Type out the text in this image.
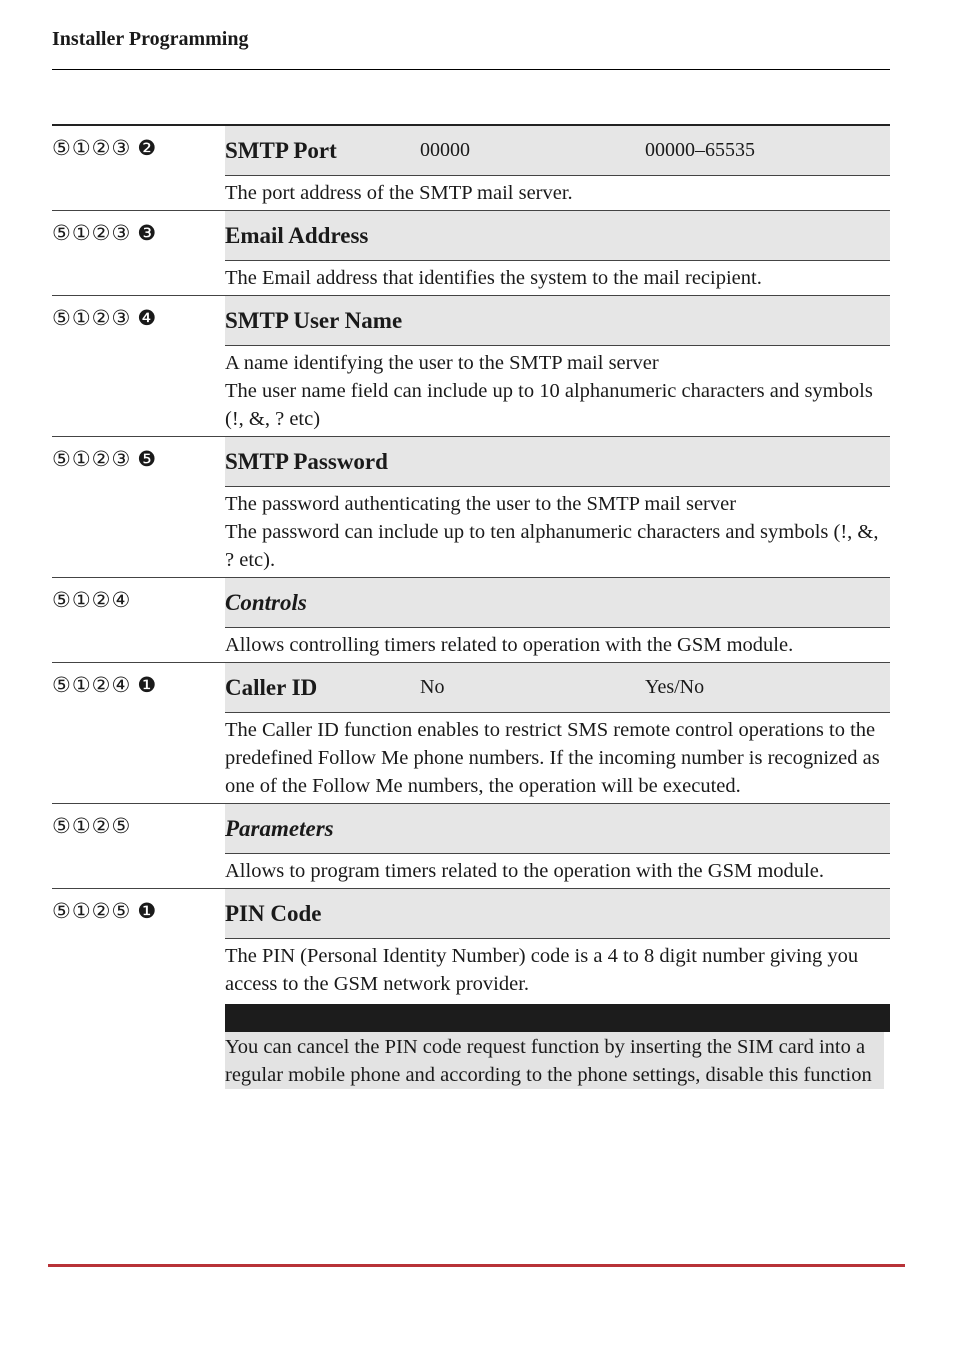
Installer Programming
⑤①②③ ❷	SMTP Port	00000	00000–65535

The port address of the SMTP mail server.

⑤①②③ ❸	Email Address

The Email address that identifies the system to the mail recipient.

⑤①②③ ❹	SMTP User Name

A name identifying the user to the SMTP mail server

The user name field can include up to 10 alphanumeric characters and symbols (!, &, ? etc)

⑤①②③ ❺	SMTP Password

The password authenticating the user to the SMTP mail server

The password can include up to ten alphanumeric characters and symbols (!, &, ? etc).

⑤①②④	Controls

Allows controlling timers related to operation with the GSM module.

⑤①②④ ❶	Caller ID	No	Yes/No

The Caller ID function enables to restrict SMS remote control operations to the predefined Follow Me phone numbers. If the incoming number is recognized as one of the Follow Me numbers, the operation will be executed.

⑤①②⑤	Parameters

Allows to program timers related to the operation with the GSM module.

⑤①②⑤ ❶	PIN Code

The PIN (Personal Identity Number) code is a 4 to 8 digit number giving you access to the GSM network provider.

You can cancel the PIN code request function by inserting the SIM card into a regular mobile phone and according to the phone settings, disable this function
